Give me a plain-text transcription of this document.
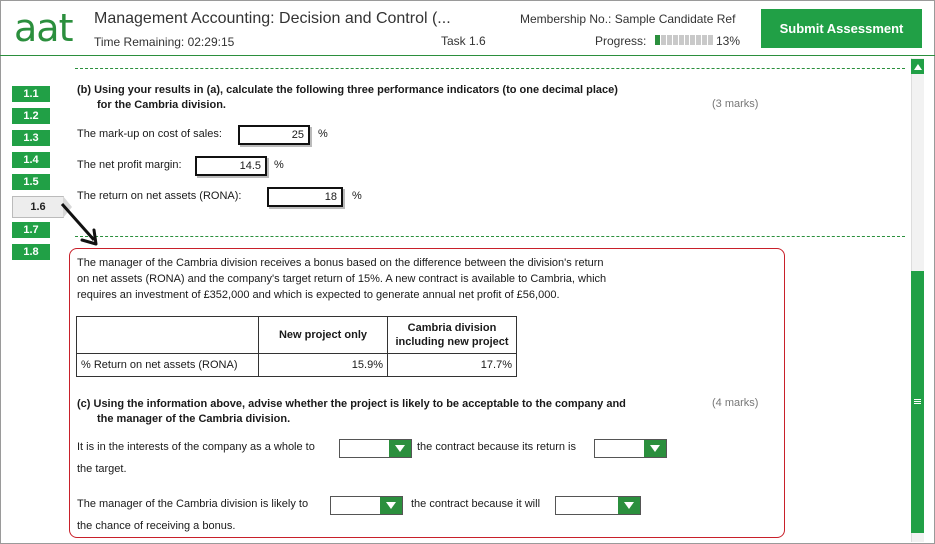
aat Management Accounting: Decision and Control (...
Time Remaining: 02:29:15	Task 1.6
Membership No.: Sample Candidate Ref
Progress:	13%
Submit Assessment
1.1
1.2
1.3
1.4
1.5
1.6
1.7
1.8
(b) Using your results in (a), calculate the following three performance indicators (to one decimal place)
for the Cambria division.	(3 marks)
The mark-up on cost of sales:	25	%
The net profit margin:	14.5	%
The return on net assets (RONA):	18	%
The manager of the Cambria division receives a bonus based on the difference between the division's return
on net assets (RONA) and the company's target return of 15%. A new contract is available to Cambria, which
requires an investment of £352,000 and which is expected to generate annual net profit of £56,000.
	New project only	Cambria division
including new project

% Return on net assets (RONA)	15.9%	17.7%
(c) Using the information above, advise whether the project is likely to be acceptable to the company and
the manager of the Cambria division.
(4 marks)
It is in the interests of the company as a whole to	the contract because its return is
the target.
The manager of the Cambria division is likely to	the contract because it will
the chance of receiving a bonus.
